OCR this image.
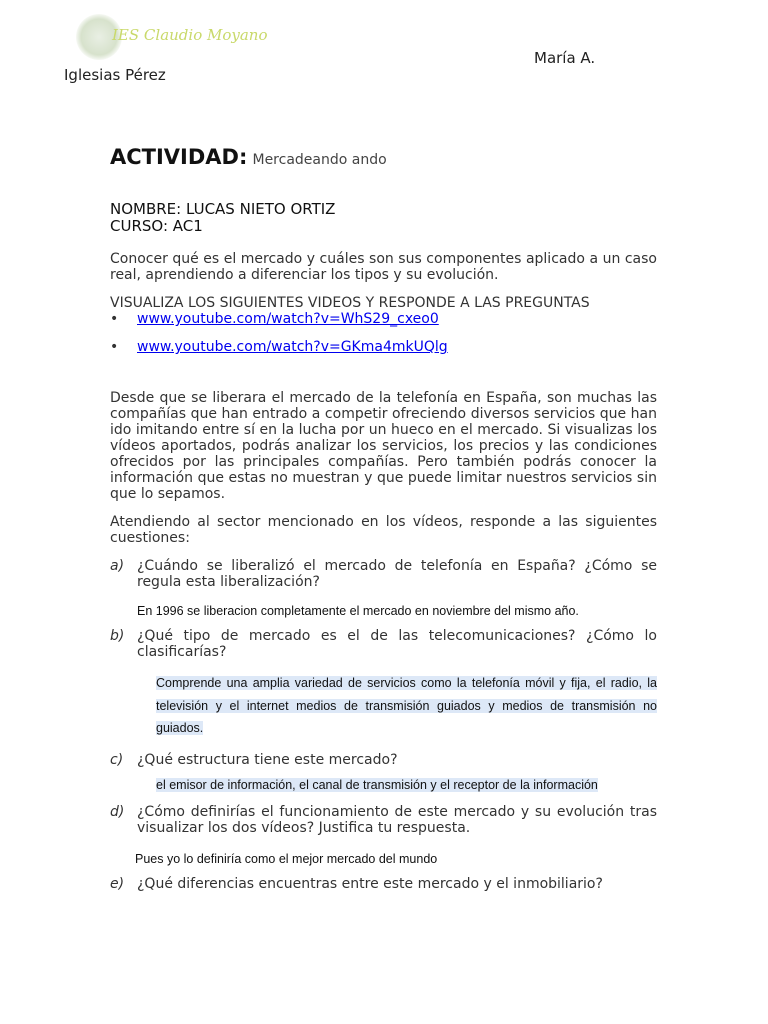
IES Claudio Moyano
María A.
Iglesias Pérez
ACTIVIDAD: Mercadeando ando
NOMBRE: LUCAS NIETO ORTIZ
CURSO: AC1

Conocer qué es el mercado y cuáles son sus componentes aplicado a un caso real, aprendiendo a diferenciar los tipos y su evolución.

VISUALIZA LOS SIGUIENTES VIDEOS Y RESPONDE A LAS PREGUNTAS

• www.youtube.com/watch?v=WhS29_cxeo0
• www.youtube.com/watch?v=GKma4mkUQlg

Desde que se liberara el mercado de la telefonía en España, son muchas las compañías que han entrado a competir ofreciendo diversos servicios que han ido imitando entre sí en la lucha por un hueco en el mercado. Si visualizas los vídeos aportados, podrás analizar los servicios, los precios y las condiciones ofrecidos por las principales compañías. Pero también podrás conocer la información que estas no muestran y que puede limitar nuestros servicios sin que lo sepamos.

Atendiendo al sector mencionado en los vídeos, responde a las siguientes cuestiones:

a) ¿Cuándo se liberalizó el mercado de telefonía en España? ¿Cómo se regula esta liberalización?
En 1996 se liberacion completamente el mercado en noviembre del mismo año.
b) ¿Qué tipo de mercado es el de las telecomunicaciones? ¿Cómo lo clasificarías?
Comprende una amplia variedad de servicios como la telefonía móvil y fija, el radio, la televisión y el internet medios de transmisión guiados y medios de transmisión no guiados.
c) ¿Qué estructura tiene este mercado?
el emisor de información, el canal de transmisión y el receptor de la información
d) ¿Cómo definirías el funcionamiento de este mercado y su evolución tras visualizar los dos vídeos? Justifica tu respuesta.
Pues yo lo definiría como el mejor mercado del mundo
e) ¿Qué diferencias encuentras entre este mercado y el inmobiliario?
